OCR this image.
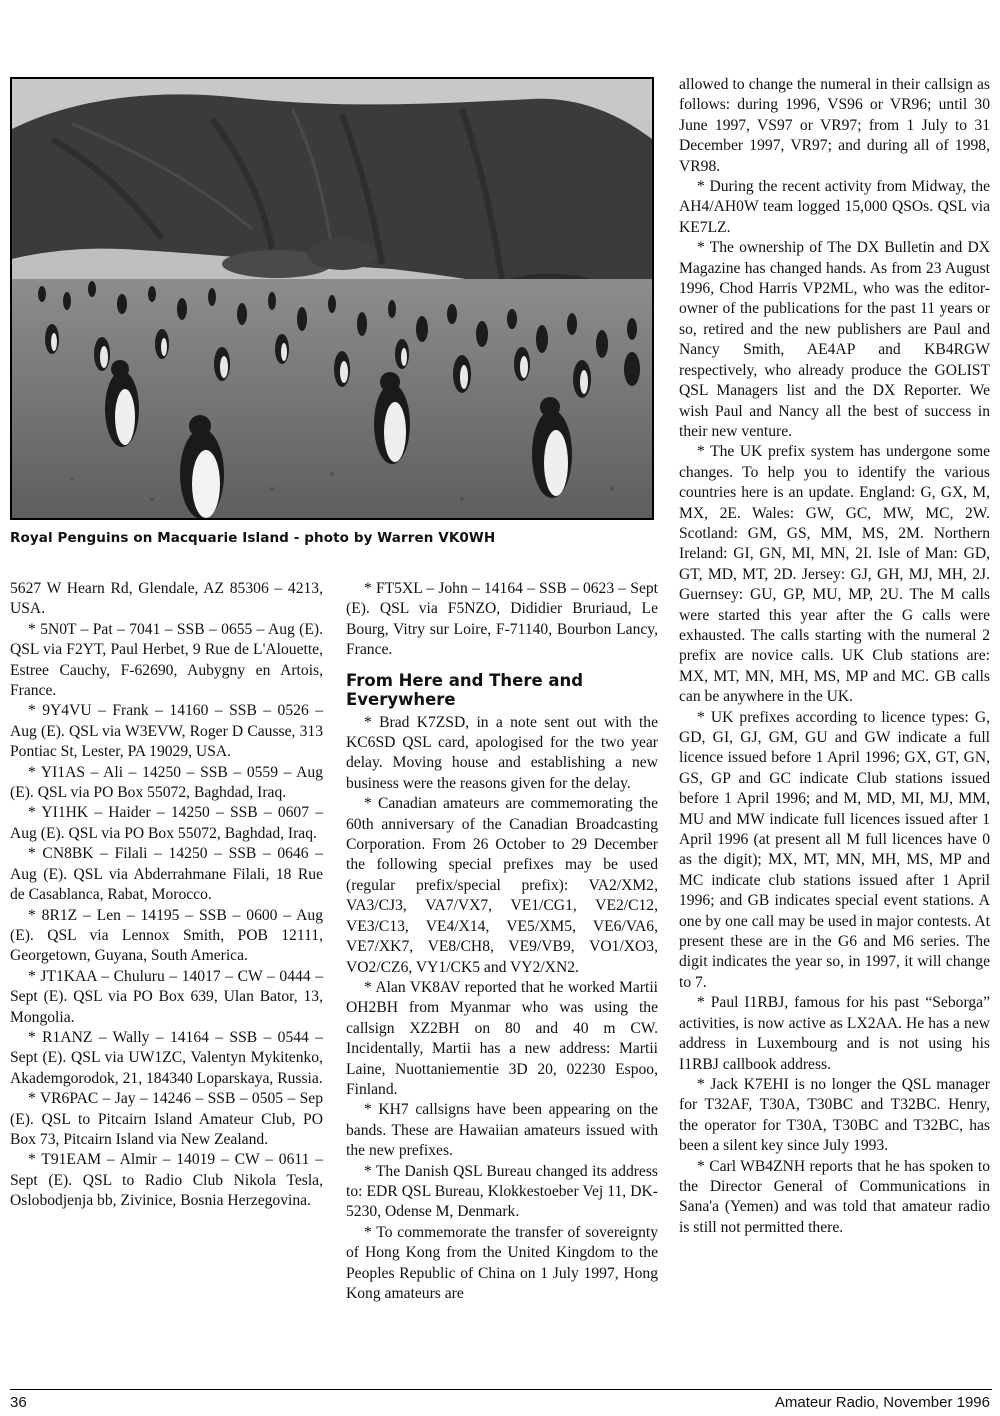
Royal Penguins on Macquarie Island - photo by Warren VK0WH

5627 W Hearn Rd, Glendale, AZ 85306 – 4213, USA.

* 5N0T – Pat – 7041 – SSB – 0655 – Aug (E). QSL via F2YT, Paul Herbet, 9 Rue de L'Alouette, Estree Cauchy, F-62690, Aubygny en Artois, France.

* 9Y4VU – Frank – 14160 – SSB – 0526 – Aug (E). QSL via W3EVW, Roger D Causse, 313 Pontiac St, Lester, PA 19029, USA.

* YI1AS – Ali – 14250 – SSB – 0559 – Aug (E). QSL via PO Box 55072, Baghdad, Iraq.

* YI1HK – Haider – 14250 – SSB – 0607 – Aug (E). QSL via PO Box 55072, Baghdad, Iraq.

* CN8BK – Filali – 14250 – SSB – 0646 – Aug (E). QSL via Abderrahmane Filali, 18 Rue de Casablanca, Rabat, Morocco.

* 8R1Z – Len – 14195 – SSB – 0600 – Aug (E). QSL via Lennox Smith, POB 12111, Georgetown, Guyana, South America.

* JT1KAA – Chuluru – 14017 – CW – 0444 – Sept (E). QSL via PO Box 639, Ulan Bator, 13, Mongolia.

* R1ANZ – Wally – 14164 – SSB – 0544 – Sept (E). QSL via UW1ZC, Valentyn Mykitenko, Akademgorodok, 21, 184340 Loparskaya, Russia.

* VR6PAC – Jay – 14246 – SSB – 0505 – Sep (E). QSL to Pitcairn Island Amateur Club, PO Box 73, Pitcairn Island via New Zealand.

* T91EAM – Almir – 14019 – CW – 0611 – Sept (E). QSL to Radio Club Nikola Tesla, Oslobodjenja bb, Zivinice, Bosnia Herzegovina.

* FT5XL – John – 14164 – SSB – 0623 – Sept (E). QSL via F5NZO, Dididier Bruriaud, Le Bourg, Vitry sur Loire, F-71140, Bourbon Lancy, France.

From Here and There and Everywhere

* Brad K7ZSD, in a note sent out with the KC6SD QSL card, apologised for the two year delay. Moving house and establishing a new business were the reasons given for the delay.

* Canadian amateurs are commemorating the 60th anniversary of the Canadian Broadcasting Corporation. From 26 October to 29 December the following special prefixes may be used (regular prefix/special prefix): VA2/XM2, VA3/CJ3, VA7/VX7, VE1/CG1, VE2/C12, VE3/C13, VE4/X14, VE5/XM5, VE6/VA6, VE7/XK7, VE8/CH8, VE9/VB9, VO1/XO3, VO2/CZ6, VY1/CK5 and VY2/XN2.

* Alan VK8AV reported that he worked Martii OH2BH from Myanmar who was using the callsign XZ2BH on 80 and 40 m CW. Incidentally, Martii has a new address: Martii Laine, Nuottaniementie 3D 20, 02230 Espoo, Finland.

* KH7 callsigns have been appearing on the bands. These are Hawaiian amateurs issued with the new prefixes.

* The Danish QSL Bureau changed its address to: EDR QSL Bureau, Klokkestoeber Vej 11, DK-5230, Odense M, Denmark.

* To commemorate the transfer of sovereignty of Hong Kong from the United Kingdom to the Peoples Republic of China on 1 July 1997, Hong Kong amateurs are

allowed to change the numeral in their callsign as follows: during 1996, VS96 or VR96; until 30 June 1997, VS97 or VR97; from 1 July to 31 December 1997, VR97; and during all of 1998, VR98.

* During the recent activity from Midway, the AH4/AH0W team logged 15,000 QSOs. QSL via KE7LZ.

* The ownership of The DX Bulletin and DX Magazine has changed hands. As from 23 August 1996, Chod Harris VP2ML, who was the editor-owner of the publications for the past 11 years or so, retired and the new publishers are Paul and Nancy Smith, AE4AP and KB4RGW respectively, who already produce the GOLIST QSL Managers list and the DX Reporter. We wish Paul and Nancy all the best of success in their new venture.

* The UK prefix system has undergone some changes. To help you to identify the various countries here is an update. England: G, GX, M, MX, 2E. Wales: GW, GC, MW, MC, 2W. Scotland: GM, GS, MM, MS, 2M. Northern Ireland: GI, GN, MI, MN, 2I. Isle of Man: GD, GT, MD, MT, 2D. Jersey: GJ, GH, MJ, MH, 2J. Guernsey: GU, GP, MU, MP, 2U. The M calls were started this year after the G calls were exhausted. The calls starting with the numeral 2 prefix are novice calls. UK Club stations are: MX, MT, MN, MH, MS, MP and MC. GB calls can be anywhere in the UK.

* UK prefixes according to licence types: G, GD, GI, GJ, GM, GU and GW indicate a full licence issued before 1 April 1996; GX, GT, GN, GS, GP and GC indicate Club stations issued before 1 April 1996; and M, MD, MI, MJ, MM, MU and MW indicate full licences issued after 1 April 1996 (at present all M full licences have 0 as the digit); MX, MT, MN, MH, MS, MP and MC indicate club stations issued after 1 April 1996; and GB indicates special event stations. A one by one call may be used in major contests. At present these are in the G6 and M6 series. The digit indicates the year so, in 1997, it will change to 7.

* Paul I1RBJ, famous for his past “Seborga” activities, is now active as LX2AA. He has a new address in Luxembourg and is not using his I1RBJ callbook address.

* Jack K7EHI is no longer the QSL manager for T32AF, T30A, T30BC and T32BC. Henry, the operator for T30A, T30BC and T32BC, has been a silent key since July 1993.

* Carl WB4ZNH reports that he has spoken to the Director General of Communications in Sana'a (Yemen) and was told that amateur radio is still not permitted there.

36	Amateur Radio, November 1996
